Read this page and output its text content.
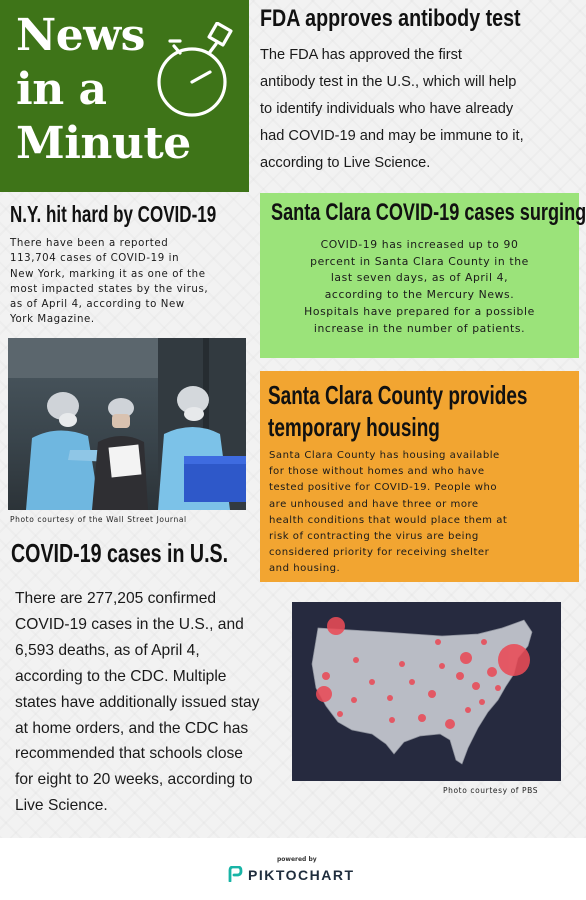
News
in a
Minute
FDA approves antibody test
The FDA has approved the first
antibody test in the U.S., which will help
to identify individuals who have already
had COVID-19 and may be immune to it,
according to Live Science.
N.Y. hit hard by COVID-19
There have been a reported
113,704 cases of COVID-19 in
New York, marking it as one of the
most impacted states by the virus,
as of April 4, according to New
York Magazine.
Photo courtesy of the Wall Street Journal
Santa Clara COVID-19 cases surging
COVID-19 has increased up to 90
percent in Santa Clara County in the
last seven days, as of April 4,
according to the Mercury News.
Hospitals have prepared for a possible
increase in the number of patients.
Santa Clara County provides
temporary housing
Santa Clara County has housing available
for those without homes and who have
tested positive for COVID-19. People who
are unhoused and have three or more
health conditions that would place them at
risk of contracting the virus are being
considered priority for receiving shelter
and housing.
COVID-19 cases in U.S.
There are 277,205 confirmed
COVID-19 cases in the U.S., and
6,593 deaths, as of April 4,
according to the CDC. Multiple
states have additionally issued stay
at home orders, and the CDC has
recommended that schools close
for eight to 20 weeks, according to
Live Science.
Photo courtesy of PBS
powered by
PIKTOCHART
